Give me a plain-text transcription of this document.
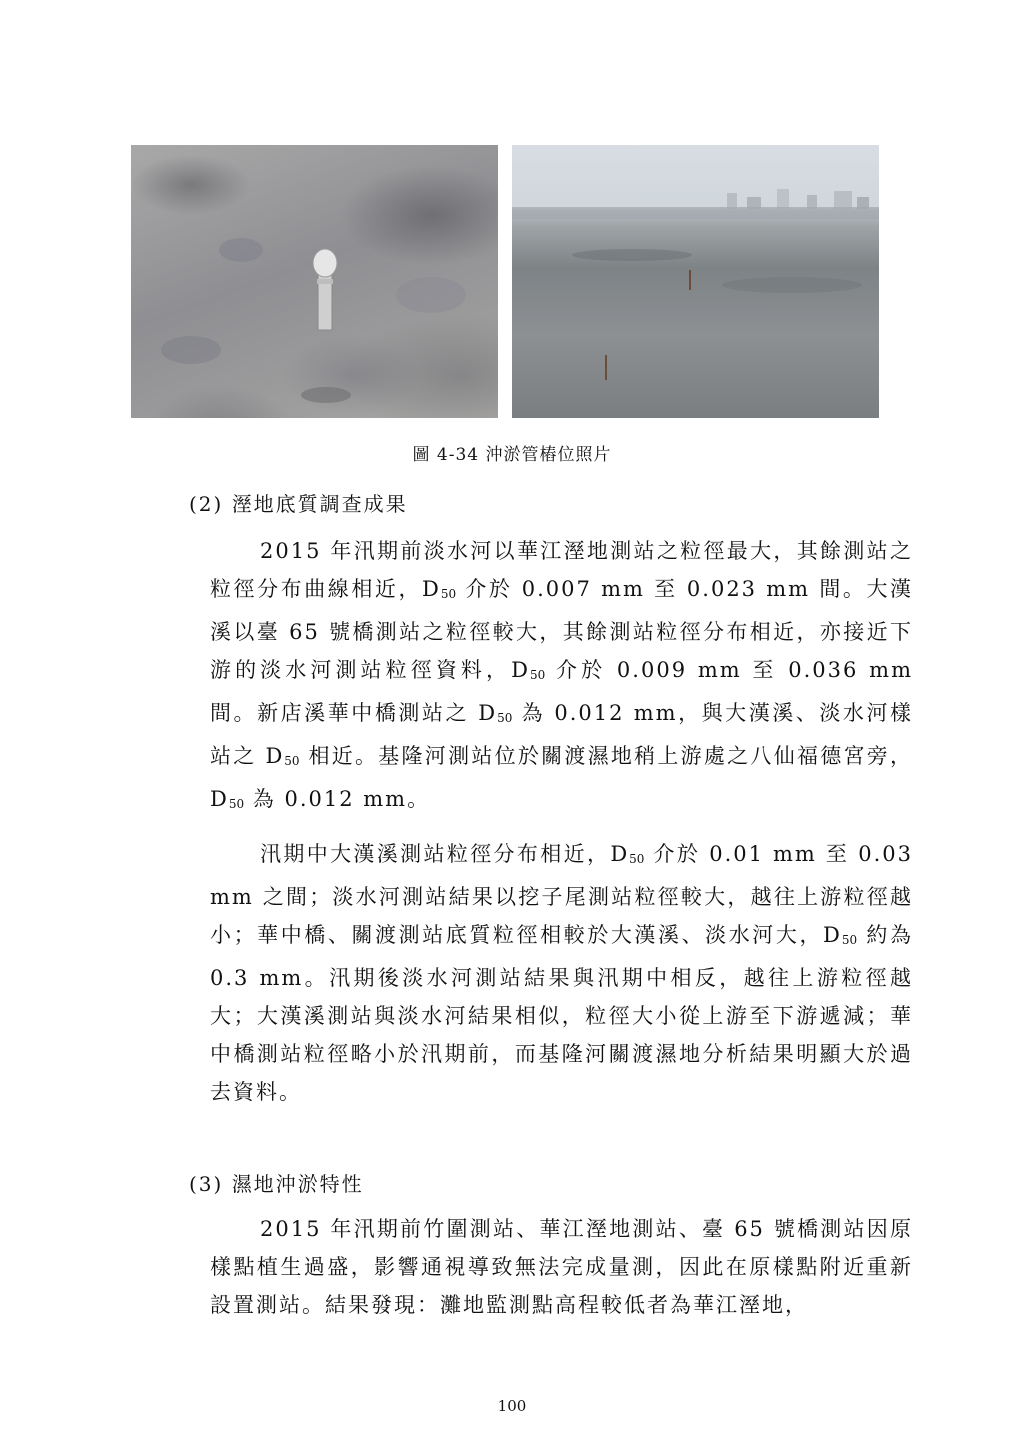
圖 4-34 沖淤管樁位照片
(2) 溼地底質調查成果

2015 年汛期前淡水河以華江溼地測站之粒徑最大，其餘測站之粒徑分布曲線相近，$D_{50}$ 介於 0.007 mm 至 0.023 mm 間。大漢溪以臺 65 號橋測站之粒徑較大，其餘測站粒徑分布相近，亦接近下游的淡水河測站粒徑資料，$D_{50}$ 介於 0.009 mm 至 0.036 mm 間。新店溪華中橋測站之 $D_{50}$ 為 0.012 mm，與大漢溪、淡水河樣站之 $D_{50}$ 相近。基隆河測站位於關渡濕地稍上游處之八仙福德宮旁，$D_{50}$ 為 0.012 mm。

汛期中大漢溪測站粒徑分布相近，$D_{50}$ 介於 0.01 mm 至 0.03 mm 之間；淡水河測站結果以挖子尾測站粒徑較大，越往上游粒徑越小；華中橋、關渡測站底質粒徑相較於大漢溪、淡水河大，$D_{50}$ 約為 0.3 mm。汛期後淡水河測站結果與汛期中相反，越往上游粒徑越大；大漢溪測站與淡水河結果相似，粒徑大小從上游至下游遞減；華中橋測站粒徑略小於汛期前，而基隆河關渡濕地分析結果明顯大於過去資料。

(3) 濕地沖淤特性

2015 年汛期前竹圍測站、華江溼地測站、臺 65 號橋測站因原樣點植生過盛，影響通視導致無法完成量測，因此在原樣點附近重新設置測站。結果發現：灘地監測點高程較低者為華江溼地，

100
